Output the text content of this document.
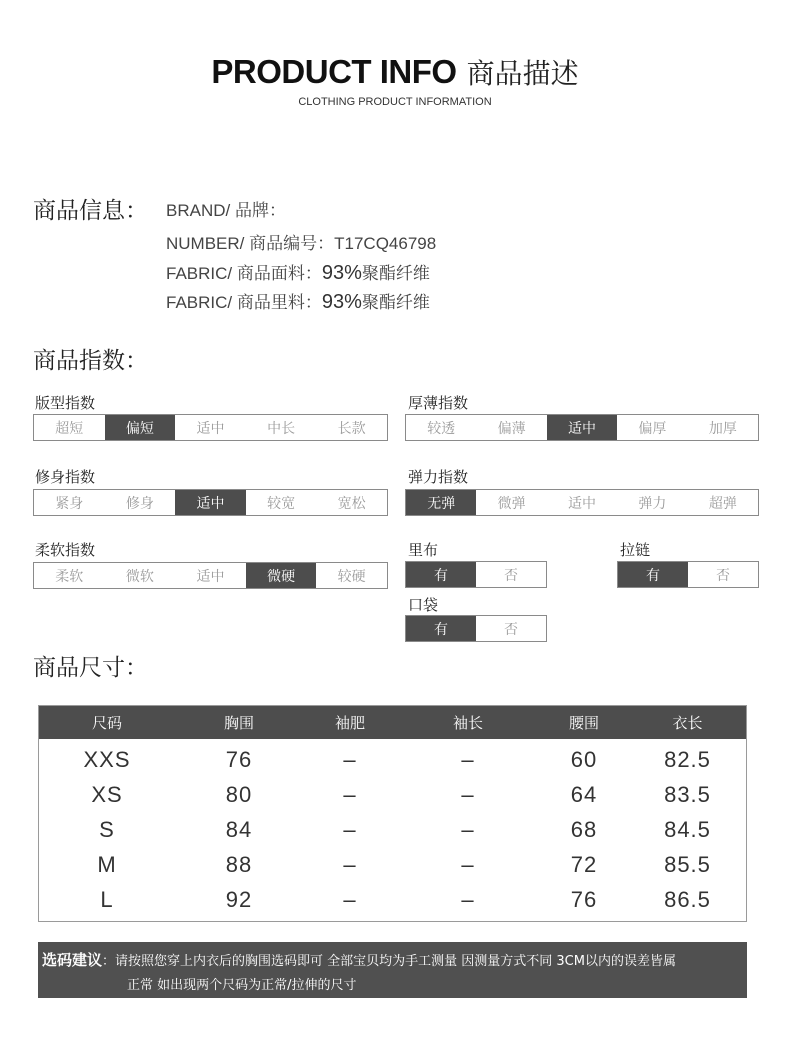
PRODUCT INFO 商品描述
CLOTHING PRODUCT INFORMATION
商品信息： BRAND/ 品牌：
NUMBER/ 商品编号：T17CQ46798
FABRIC/ 商品面料：93%聚酯纤维
FABRIC/ 商品里料：93%聚酯纤维
商品指数：
版型指数
超短	偏短	适中	中长	长款
厚薄指数
较透	偏薄	适中	偏厚	加厚
修身指数
紧身	修身	适中	较宽	宽松
弹力指数
无弹	微弹	适中	弹力	超弹
柔软指数
柔软	微软	适中	微硬	较硬
里布
有	否
拉链
有	否
口袋
有	否
商品尺寸：
尺码	胸围	袖肥	袖长	腰围	衣长
XXS	76	–	–	60	82.5
XS	80	–	–	64	83.5
S	84	–	–	68	84.5
M	88	–	–	72	85.5
L	92	–	–	76	86.5
选码建议：请按照您穿上内衣后的胸围选码即可 全部宝贝均为手工测量 因测量方式不同 3CM以内的误差皆属
正常 如出现两个尺码为正常/拉伸的尺寸
